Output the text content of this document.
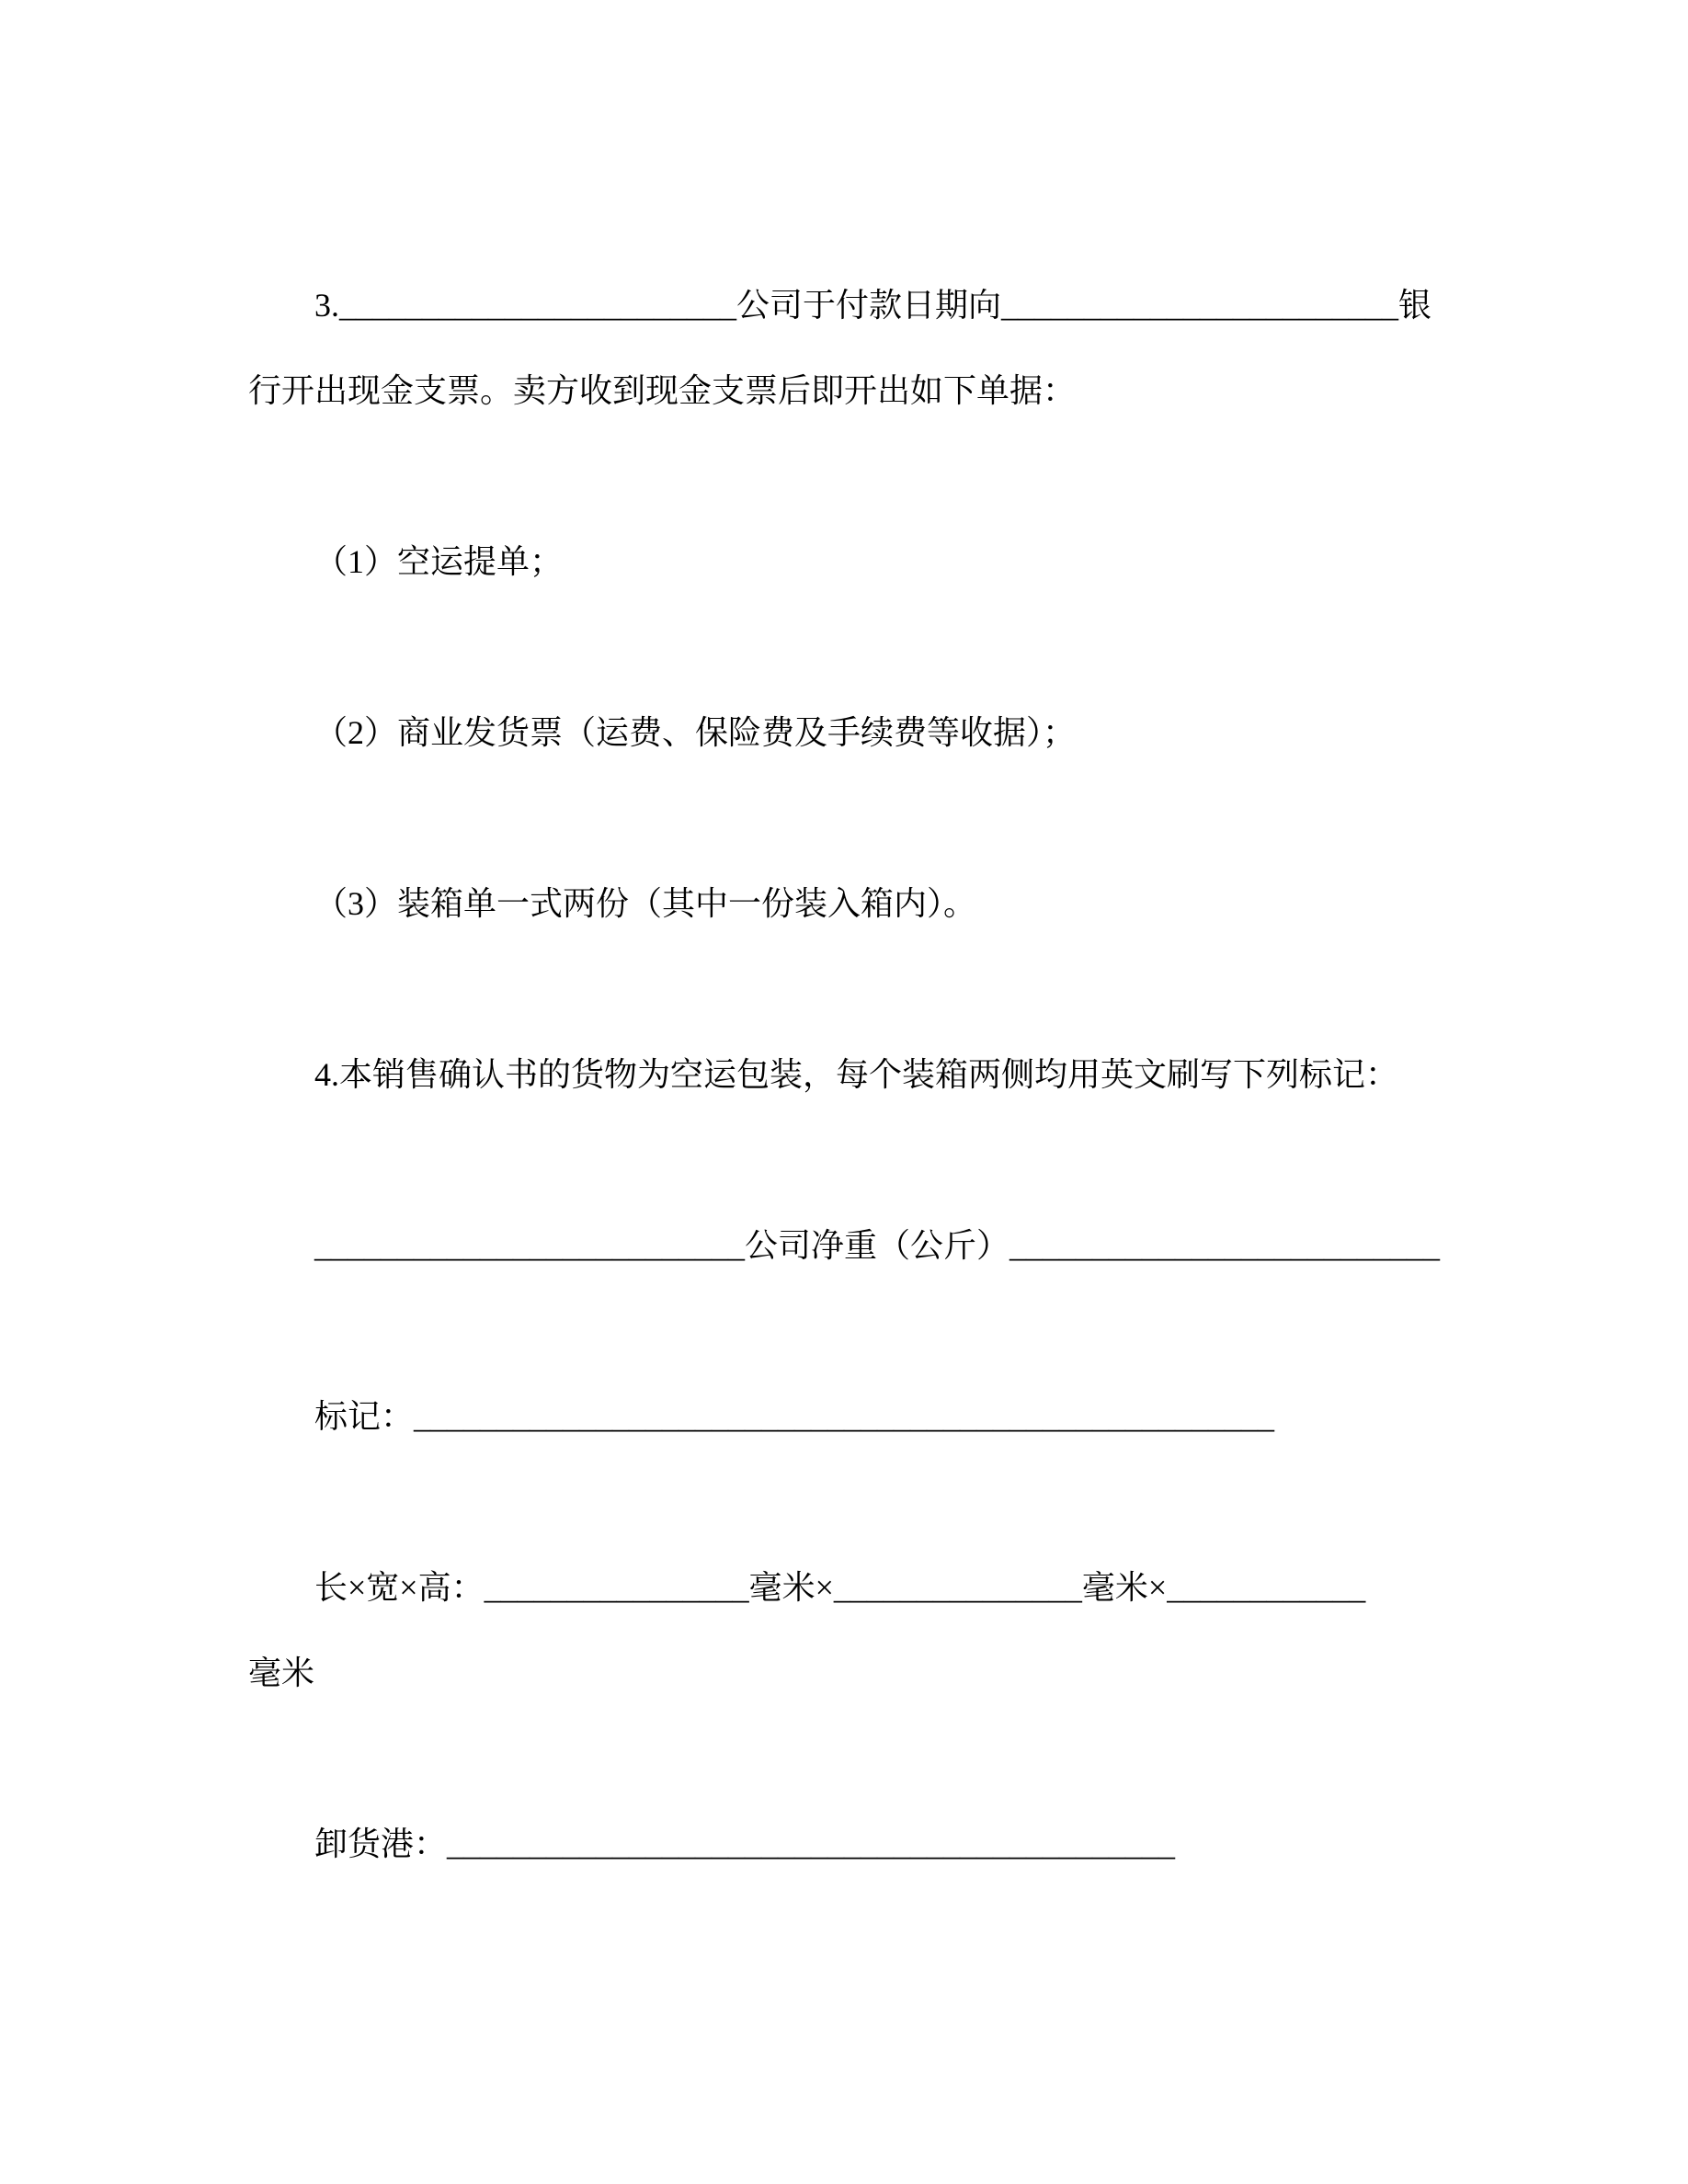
3.________________________公司于付款日期向________________________银
行开出现金支票。卖方收到现金支票后即开出如下单据：
（1）空运提单；
（2）商业发货票（运费、保险费及手续费等收据）；
（3）装箱单一式两份（其中一份装入箱内）。
4.本销售确认书的货物为空运包装，每个装箱两侧均用英文刷写下列标记：
__________________________公司净重（公斤）__________________________
标记：____________________________________________________
长×宽×高：________________毫米×_______________毫米×____________
毫米
卸货港：____________________________________________
